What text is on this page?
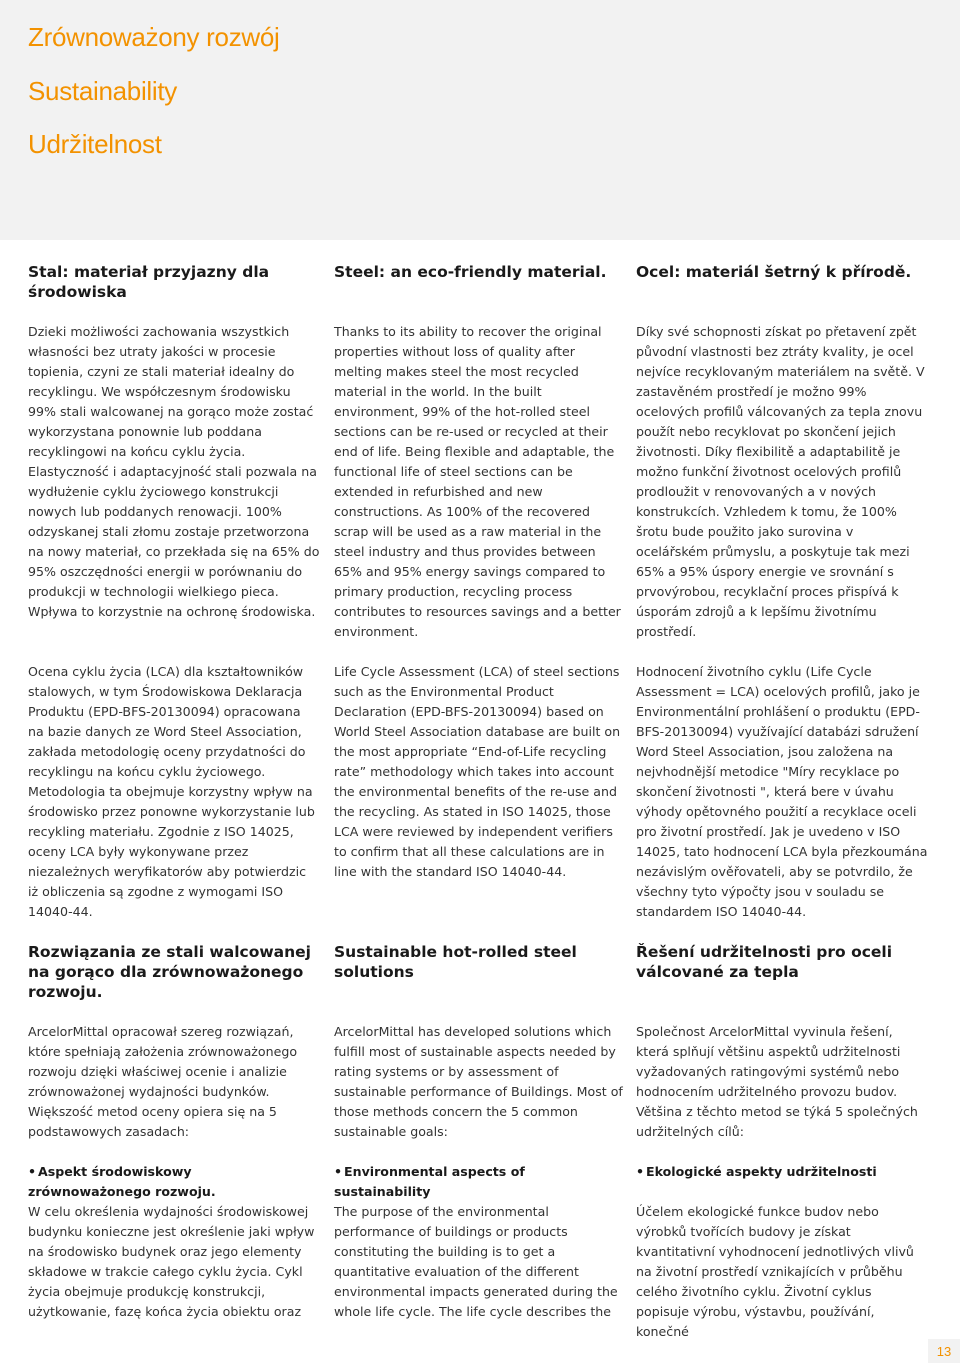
Zrównoważony rozwój
Sustainability
Udržitelnost
Stal: materiał przyjazny dla środowiska

Dzieki możliwości zachowania wszystkich własności bez utraty jakości w procesie topienia, czyni ze stali materiał idealny do recyklingu. We współczesnym środowisku 99% stali walcowanej na gorąco może zostać wykorzystana ponownie lub poddana recyklingowi na końcu cyklu życia. Elastyczność i adaptacyjność stali pozwala na wydłużenie cyklu życiowego konstrukcji nowych lub poddanych renowacji. 100% odzyskanej stali złomu zostaje przetworzona na nowy materiał, co przekłada się na 65% do 95% oszczędności energii w porównaniu do produkcji w technologii wielkiego pieca. Wpływa to korzystnie na ochronę środowiska.

Ocena cyklu życia (LCA) dla kształtowników stalowych, w tym Środowiskowa Deklaracja Produktu (EPD-BFS-20130094) opracowana na bazie danych ze Word Steel Association, zakłada metodologię oceny przydatności do recyklingu na końcu cyklu życiowego. Metodologia ta obejmuje korzystny wpływ na środowisko przez ponowne wykorzystanie lub recykling materiału. Zgodnie z ISO 14025, oceny LCA były wykonywane przez niezależnych weryfikatorów aby potwierdzic iż obliczenia są zgodne z wymogami ISO 14040-44.

Rozwiązania ze stali walcowanej na gorąco dla zrównoważonego rozwoju.

ArcelorMittal opracował szereg rozwiązań, które spełniają założenia zrównoważonego rozwoju dzięki właściwej ocenie i analizie zrównoważonej wydajności budynków. Większość metod oceny opiera się na 5 podstawowych zasadach:

• Aspekt środowiskowy zrównoważonego rozwoju.

W celu określenia wydajności środowiskowej budynku konieczne jest określenie jaki wpływ na środowisko budynek oraz jego elementy składowe w trakcie całego cyklu życia. Cykl życia obejmuje produkcję konstrukcji, użytkowanie, fazę końca życia obiektu oraz

Steel: an eco-friendly material.

Thanks to its ability to recover the original properties without loss of quality after melting makes steel the most recycled material in the world. In the built environment, 99% of the hot-rolled steel sections can be re-used or recycled at their end of life. Being flexible and adaptable, the functional life of steel sections can be extended in refurbished and new constructions. As 100% of the recovered scrap will be used as a raw material in the steel industry and thus provides between 65% and 95% energy savings compared to primary production, recycling process contributes to resources savings and a better environment.

Life Cycle Assessment (LCA) of steel sections such as the Environmental Product Declaration (EPD-BFS-20130094) based on World Steel Association database are built on the most appropriate “End-of-Life recycling rate” methodology which takes into account the environmental benefits of the re-use and the recycling. As stated in ISO 14025, those LCA were reviewed by independent verifiers to confirm that all these calculations are in line with the standard ISO 14040-44.

Sustainable hot-rolled steel solutions

ArcelorMittal has developed solutions which fulfill most of sustainable aspects needed by rating systems or by assessment of sustainable performance of Buildings. Most of those methods concern the 5 common sustainable goals:

• Environmental aspects of sustainability

The purpose of the environmental performance of buildings or products constituting the building is to get a quantitative evaluation of the different environmental impacts generated during the whole life cycle. The life cycle describes the

Ocel: materiál šetrný k přírodě.

Díky své schopnosti získat po přetavení zpět původní vlastnosti bez ztráty kvality, je ocel nejvíce recyklovaným materiálem na světě. V zastavěném prostředí je možno 99% ocelových profilů válcovaných za tepla znovu použít nebo recyklovat po skončení jejich životnosti. Díky flexibilitě a adaptabilitě je možno funkční životnost ocelových profilů prodloužit v renovovaných a v nových konstrukcích. Vzhledem k tomu, že 100% šrotu bude použito jako surovina v ocelářském průmyslu, a poskytuje tak mezi 65% a 95% úspory energie ve srovnání s prvovýrobou, recyklační proces přispívá k úsporám zdrojů a k lepšímu životnímu prostředí.

Hodnocení životního cyklu (Life Cycle Assessment = LCA) ocelových profilů, jako je Environmentální prohlášení o produktu (EPD-BFS-20130094) využívající databázi sdružení Word Steel Association, jsou založena na nejvhodnější metodice "Míry recyklace po skončení životnosti ", která bere v úvahu výhody opětovného použití a recyklace oceli pro životní prostředí. Jak je uvedeno v ISO 14025, tato hodnocení LCA byla přezkoumána nezávislým ověřovateli, aby se potvrdilo, že všechny tyto výpočty jsou v souladu se standardem ISO 14040-44.

Řešení udržitelnosti pro oceli válcované za tepla

Společnost ArcelorMittal vyvinula řešení, která splňují většinu aspektů udržitelnosti vyžadovaných ratingovými systémů nebo hodnocením udržitelného provozu budov. Většina z těchto metod se týká 5 společných udržitelných cílů:

• Ekologické aspekty udržitelnosti

Účelem ekologické funkce budov nebo výrobků tvořících budovy je získat kvantitativní vyhodnocení jednotlivých vlivů na životní prostředí vznikajících v průběhu celého životního cyklu. Životní cyklus popisuje výrobu, výstavbu, používání, konečné

13
